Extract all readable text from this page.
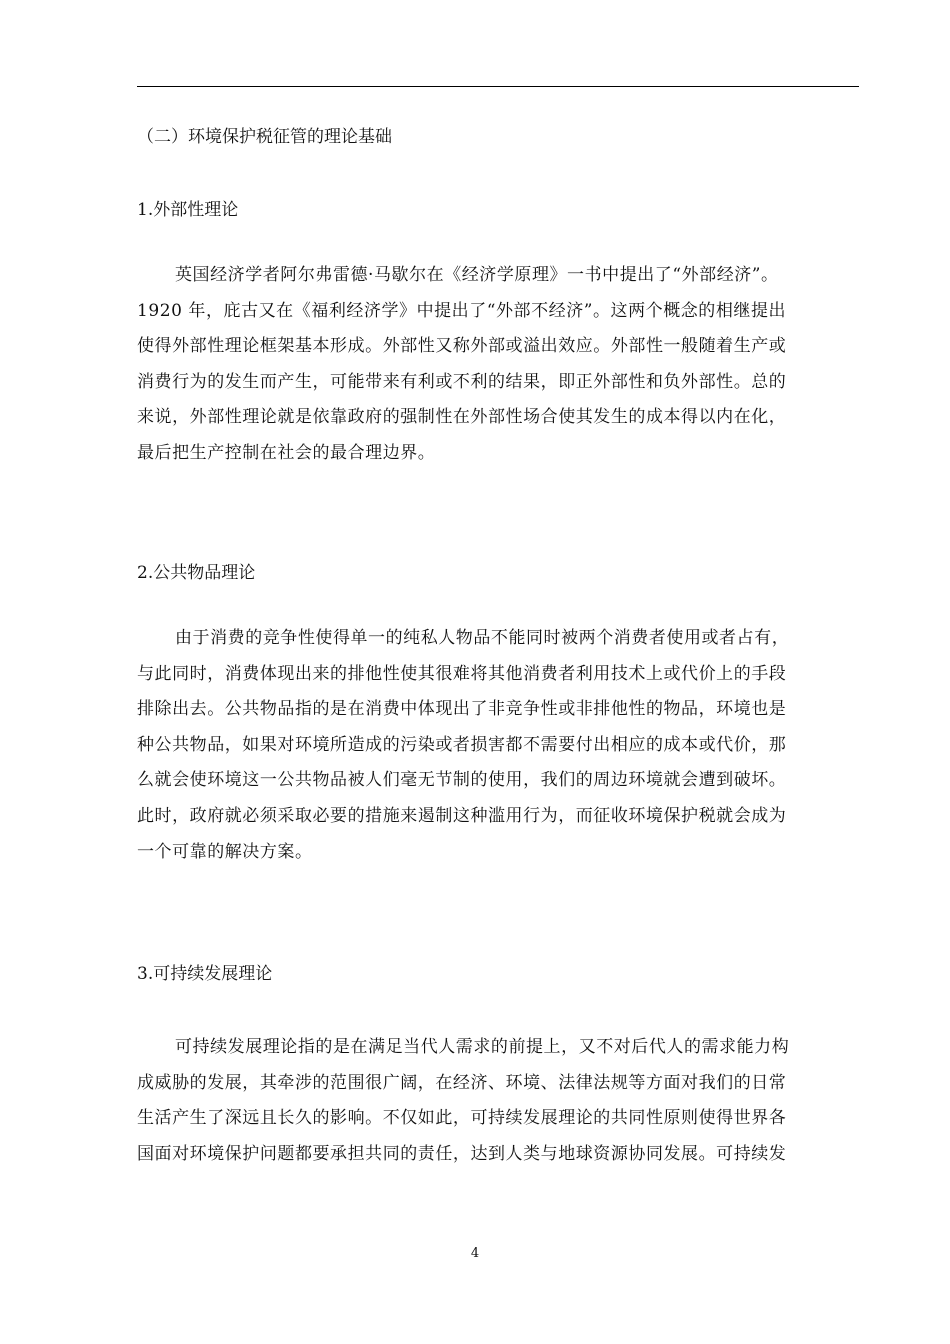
（二）环境保护税征管的理论基础
1.外部性理论
英国经济学者阿尔弗雷德·马歇尔在《经济学原理》一书中提出了“外部经济”。
1920 年，庇古又在《福利经济学》中提出了“外部不经济”。这两个概念的相继提出
使得外部性理论框架基本形成。外部性又称外部或溢出效应。外部性一般随着生产或
消费行为的发生而产生，可能带来有利或不利的结果，即正外部性和负外部性。总的
来说，外部性理论就是依靠政府的强制性在外部性场合使其发生的成本得以内在化，
最后把生产控制在社会的最合理边界。
2.公共物品理论
由于消费的竞争性使得单一的纯私人物品不能同时被两个消费者使用或者占有，
与此同时，消费体现出来的排他性使其很难将其他消费者利用技术上或代价上的手段
排除出去。公共物品指的是在消费中体现出了非竞争性或非排他性的物品，环境也是
种公共物品，如果对环境所造成的污染或者损害都不需要付出相应的成本或代价，那
么就会使环境这一公共物品被人们毫无节制的使用，我们的周边环境就会遭到破坏。
此时，政府就必须采取必要的措施来遏制这种滥用行为，而征收环境保护税就会成为
一个可靠的解决方案。
3.可持续发展理论
可持续发展理论指的是在满足当代人需求的前提上，又不对后代人的需求能力构
成威胁的发展，其牵涉的范围很广阔，在经济、环境、法律法规等方面对我们的日常
生活产生了深远且长久的影响。不仅如此，可持续发展理论的共同性原则使得世界各
国面对环境保护问题都要承担共同的责任，达到人类与地球资源协同发展。可持续发
4
